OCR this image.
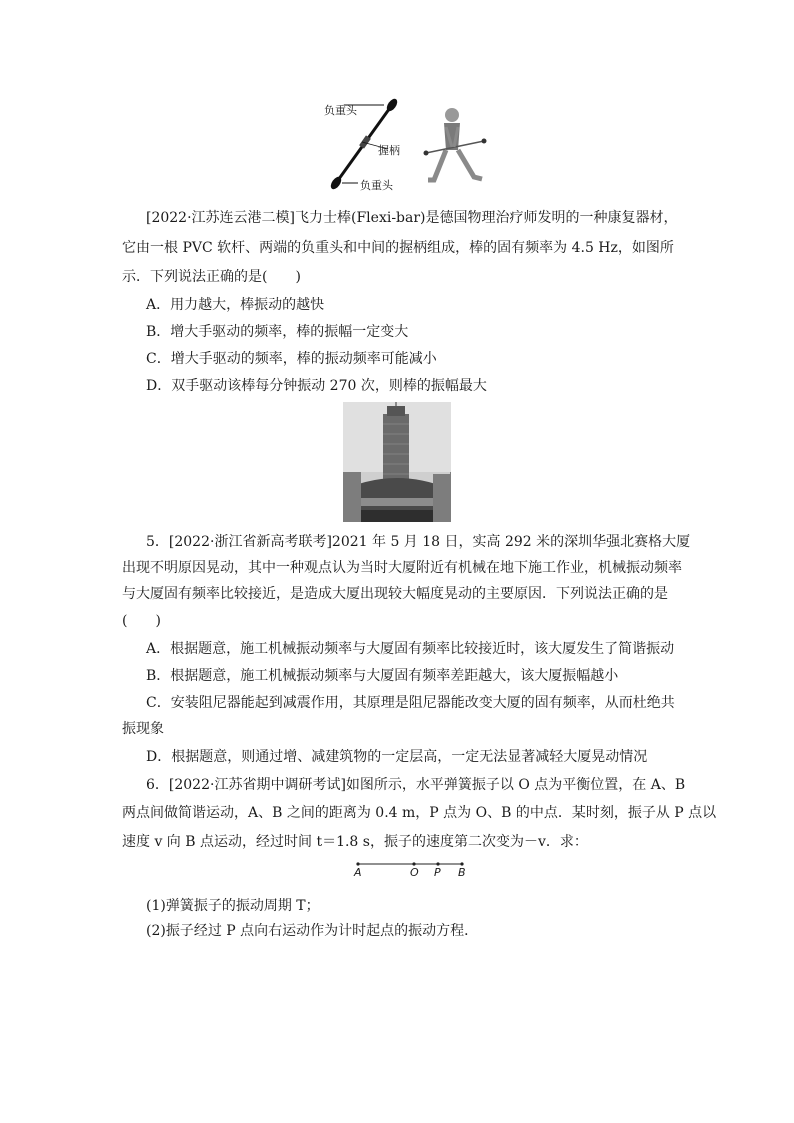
负重头
握柄
负重头
[2022·江苏连云港二模]飞力士棒(Flexi-bar)是德国物理治疗师发明的一种康复器材，
它由一根 PVC 软杆、两端的负重头和中间的握柄组成，棒的固有频率为 4.5 Hz，如图所
示．下列说法正确的是(　　)
A．用力越大，棒振动的越快
B．增大手驱动的频率，棒的振幅一定变大
C．增大手驱动的频率，棒的振动频率可能减小
D．双手驱动该棒每分钟振动 270 次，则棒的振幅最大
5．[2022·浙江省新高考联考]2021 年 5 月 18 日，实高 292 米的深圳华强北赛格大厦
出现不明原因晃动，其中一种观点认为当时大厦附近有机械在地下施工作业，机械振动频率
与大厦固有频率比较接近，是造成大厦出现较大幅度晃动的主要原因．下列说法正确的是
(　　)
A．根据题意，施工机械振动频率与大厦固有频率比较接近时，该大厦发生了简谐振动
B．根据题意，施工机械振动频率与大厦固有频率差距越大，该大厦振幅越小
C．安装阻尼器能起到减震作用，其原理是阻尼器能改变大厦的固有频率，从而杜绝共
振现象
D．根据题意，则通过增、减建筑物的一定层高，一定无法显著减轻大厦晃动情况
6．[2022·江苏省期中调研考试]如图所示，水平弹簧振子以 O 点为平衡位置，在 A、B
两点间做简谐运动，A、B 之间的距离为 0.4 m，P 点为 O、B 的中点．某时刻，振子从 P 点以
速度 v 向 B 点运动，经过时间 t＝1.8 s，振子的速度第二次变为－v．求：
A	O P B
(1)弹簧振子的振动周期 T；
(2)振子经过 P 点向右运动作为计时起点的振动方程．
